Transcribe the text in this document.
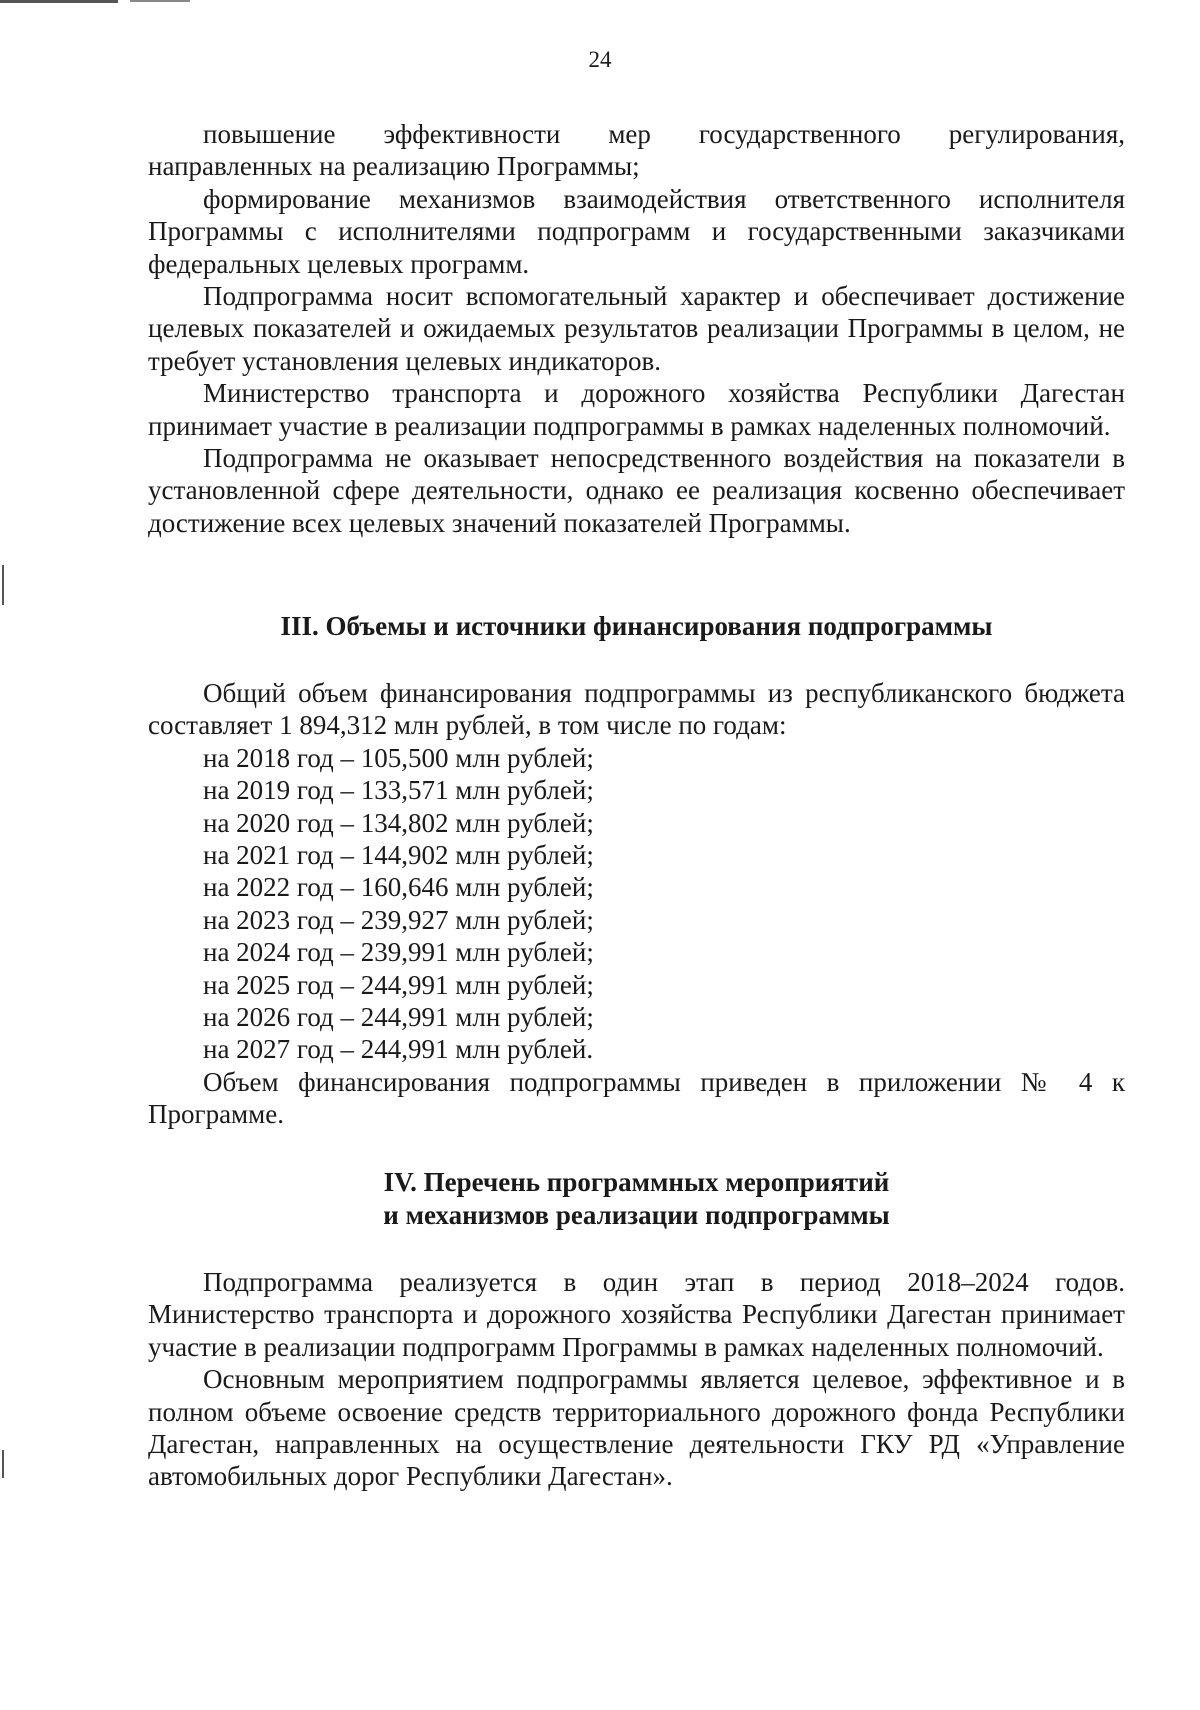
24

повышение эффективности мер государственного регулирования, направленных на реализацию Программы;

формирование механизмов взаимодействия ответственного исполнителя Программы с исполнителями подпрограмм и государственными заказчиками федеральных целевых программ.

Подпрограмма носит вспомогательный характер и обеспечивает достижение целевых показателей и ожидаемых результатов реализации Программы в целом, не требует установления целевых индикаторов.

Министерство транспорта и дорожного хозяйства Республики Дагестан принимает участие в реализации подпрограммы в рамках наделенных полномочий.

Подпрограмма не оказывает непосредственного воздействия на показатели в установленной сфере деятельности, однако ее реализация косвенно обеспечивает достижение всех целевых значений показателей Программы.

III. Объемы и источники финансирования подпрограммы

Общий объем финансирования подпрограммы из республиканского бюджета составляет 1 894,312 млн рублей, в том числе по годам:

на 2018 год – 105,500 млн рублей;
на 2019 год – 133,571 млн рублей;
на 2020 год – 134,802 млн рублей;
на 2021 год – 144,902 млн рублей;
на 2022 год – 160,646 млн рублей;
на 2023 год – 239,927 млн рублей;
на 2024 год – 239,991 млн рублей;
на 2025 год – 244,991 млн рублей;
на 2026 год – 244,991 млн рублей;
на 2027 год – 244,991 млн рублей.

Объем финансирования подпрограммы приведен в приложении № 4 к Программе.

IV. Перечень программных мероприятий
и механизмов реализации подпрограммы

Подпрограмма реализуется в один этап в период 2018–2024 годов. Министерство транспорта и дорожного хозяйства Республики Дагестан принимает участие в реализации подпрограмм Программы в рамках наделенных полномочий.

Основным мероприятием подпрограммы является целевое, эффективное и в полном объеме освоение средств территориального дорожного фонда Республики Дагестан, направленных на осуществление деятельности ГКУ РД «Управление автомобильных дорог Республики Дагестан».
